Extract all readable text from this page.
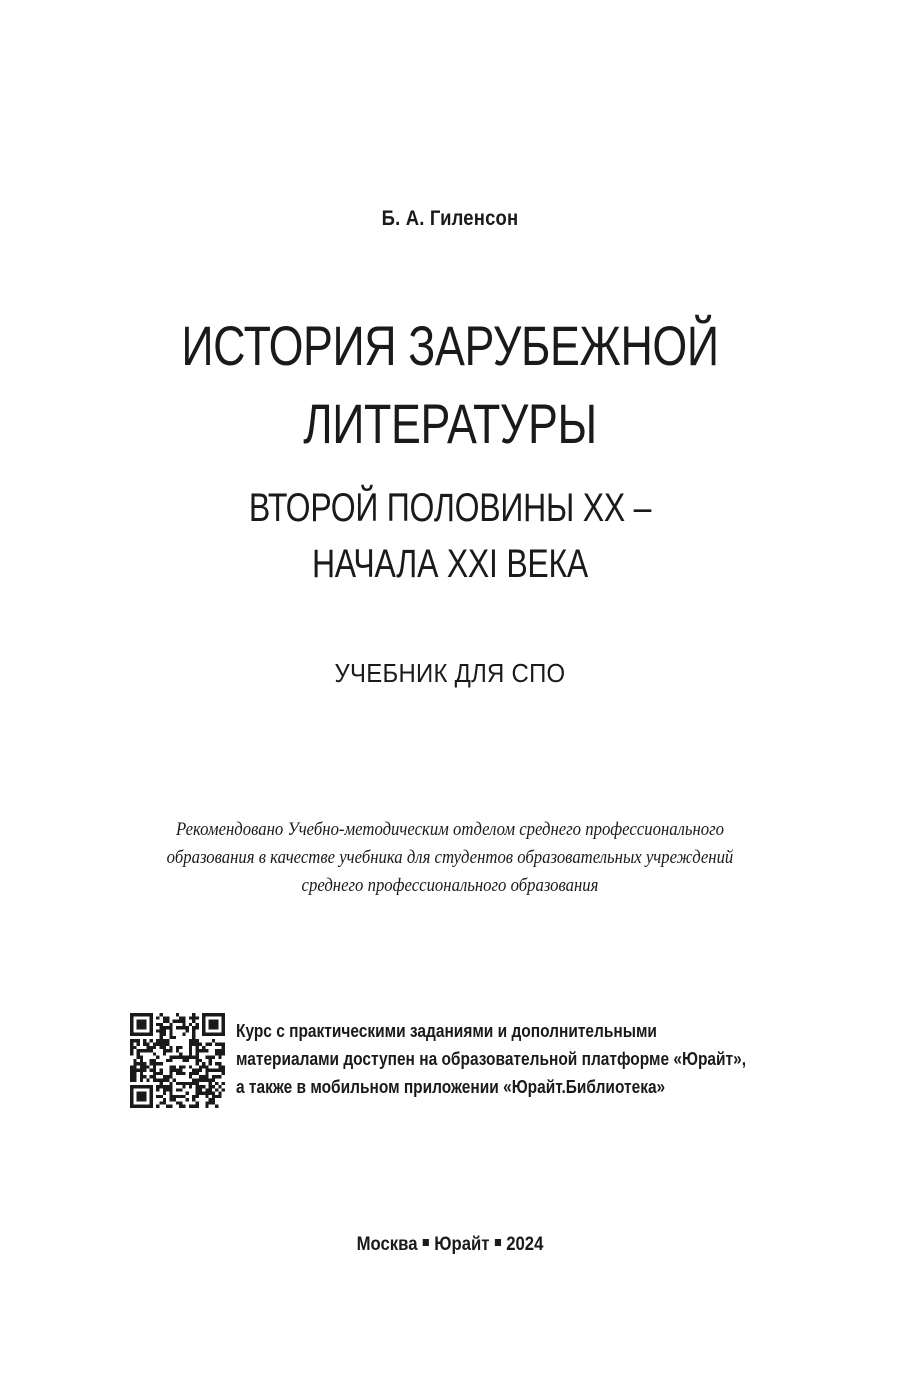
Б. А. Гиленсон
ИСТОРИЯ ЗАРУБЕЖНОЙ
ЛИТЕРАТУРЫ
ВТОРОЙ ПОЛОВИНЫ XX –
НАЧАЛА XXI ВЕКА
УЧЕБНИК ДЛЯ СПО
Рекомендовано Учебно-методическим отделом среднего профессионального
образования в качестве учебника для студентов образовательных учреждений
среднего профессионального образования
Курс с практическими заданиями и дополнительными
материалами доступен на образовательной платформе «Юрайт»,
а также в мобильном приложении «Юрайт.Библиотека»
Москва Юрайт 2024
